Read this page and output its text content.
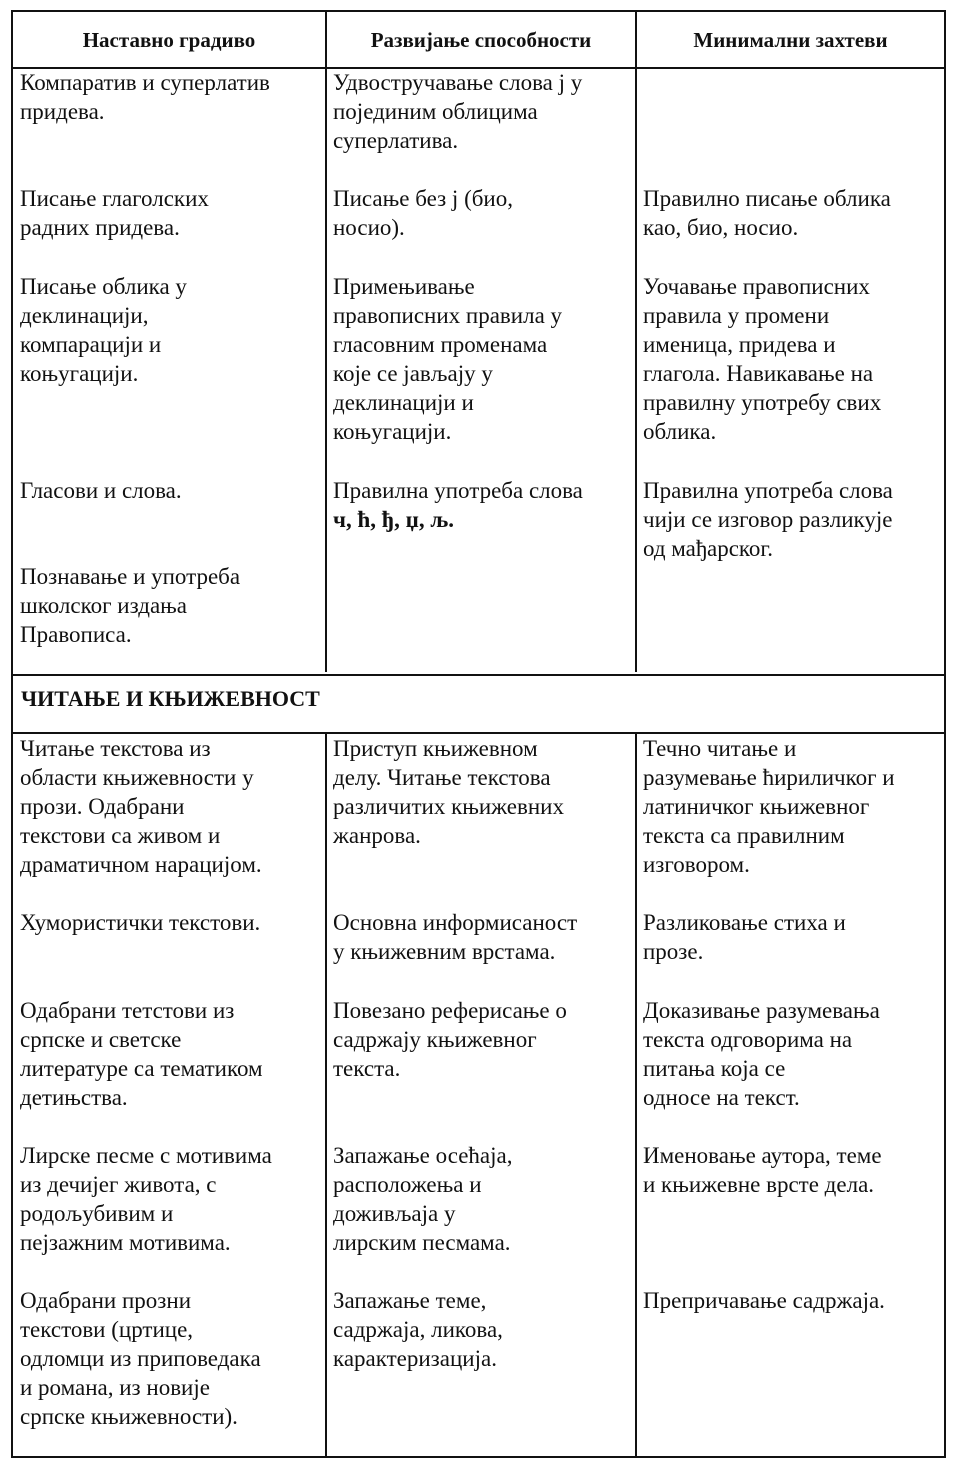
Наставно градиво	Развијање способности	Минимални захтеви
Компаратив и суперлатив
придева.
Писање глаголских
радних придева.
Писање облика у
деклинацији,
компарацији и
коњугацији.
Гласови и слова.
Познавање и употреба
школског издања
Правописа.
Удвостручавање слова ј у
појединим облицима
суперлатива.
Писање без ј (био,
носио).
Примењивање
правописних правила у
гласовним променама
које се јављају у
деклинацији и
коњугацији.
Правилна употреба слова
ч, ћ, ђ, џ, љ.
Правилно писање облика
као, био, носио.
Уочавање правописних
правила у промени
именица, придева и
глагола. Навикавање на
правилну употребу свих
облика.
Правилна употреба слова
чији се изговор разликује
од мађарског.
ЧИТАЊЕ И КЊИЖЕВНОСТ
Читање текстова из
области књижевности у
прози. Одабрани
текстови са живом и
драматичном нарацијом.
Хумористички текстови.
Одабрани тетстови из
српске и светске
литературе са тематиком
детињства.
Лирске песме с мотивима
из дечијег живота, с
родољубивим и
пејзажним мотивима.
Одабрани прозни
текстови (цртице,
одломци из приповедака
и романа, из новије
српске књижевности).
Приступ књижевном
делу. Читање текстова
различитих књижевних
жанрова.
Основна информисаност
у књижевним врстама.
Повезано реферисање о
садржају књижевног
текста.
Запажање осећаја,
расположења и
доживљаја у
лирским песмама.
Запажање теме,
садржаја, ликова,
карактеризација.
Течно читање и
разумевање ћириличког и
латиничког књижевног
текста са правилним
изговором.
Разликовање стиха и
прозе.
Доказивање разумевања
текста одговорима на
питања која се
односе на текст.
Именовање аутора, теме
и књижевне врсте дела.
Препричавање садржаја.
